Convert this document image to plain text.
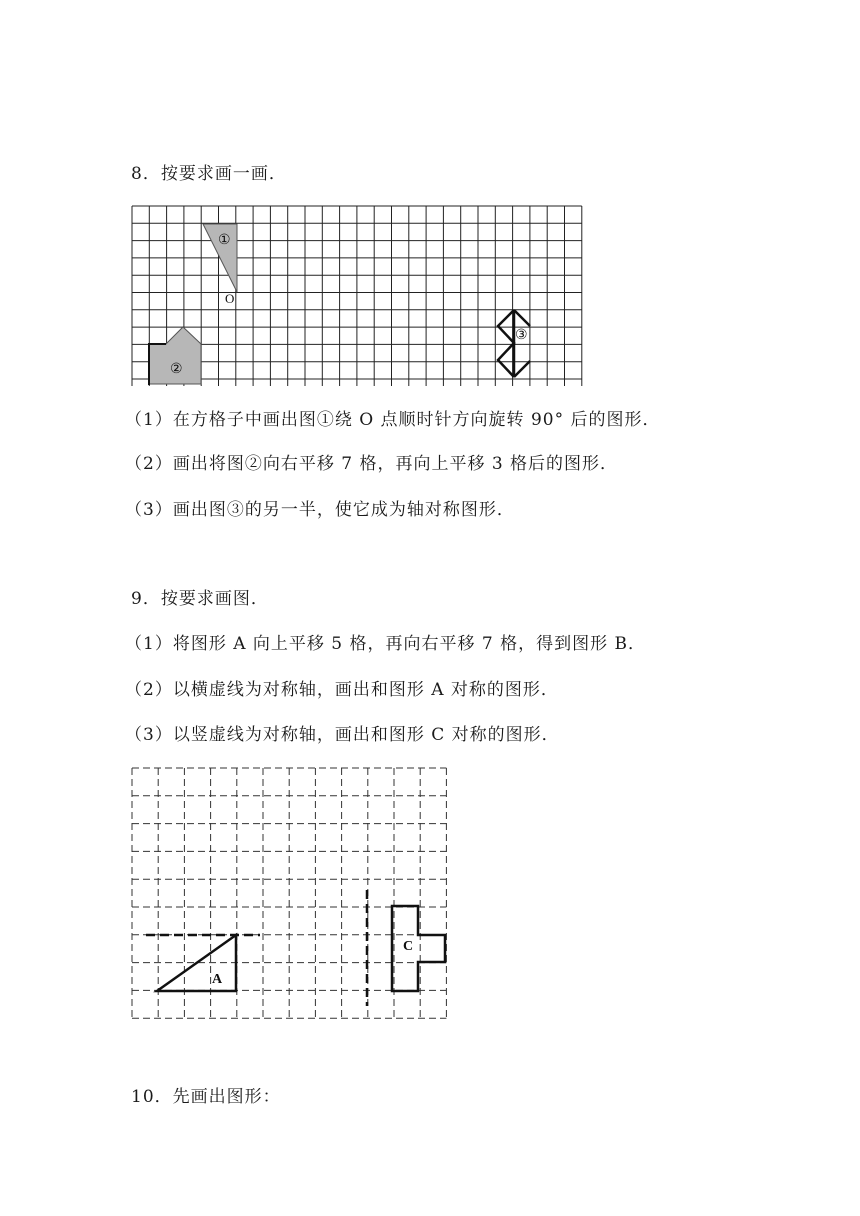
8．按要求画一画．
①
O
②
③
（1）在方格子中画出图①绕 O 点顺时针方向旋转 90° 后的图形．
（2）画出将图②向右平移 7 格，再向上平移 3 格后的图形．
（3）画出图③的另一半，使它成为轴对称图形．
9．按要求画图．
（1）将图形 A 向上平移 5 格，再向右平移 7 格，得到图形 B．
（2）以横虚线为对称轴，画出和图形 A 对称的图形．
（3）以竖虚线为对称轴，画出和图形 C 对称的图形．
A
C
10．先画出图形：
